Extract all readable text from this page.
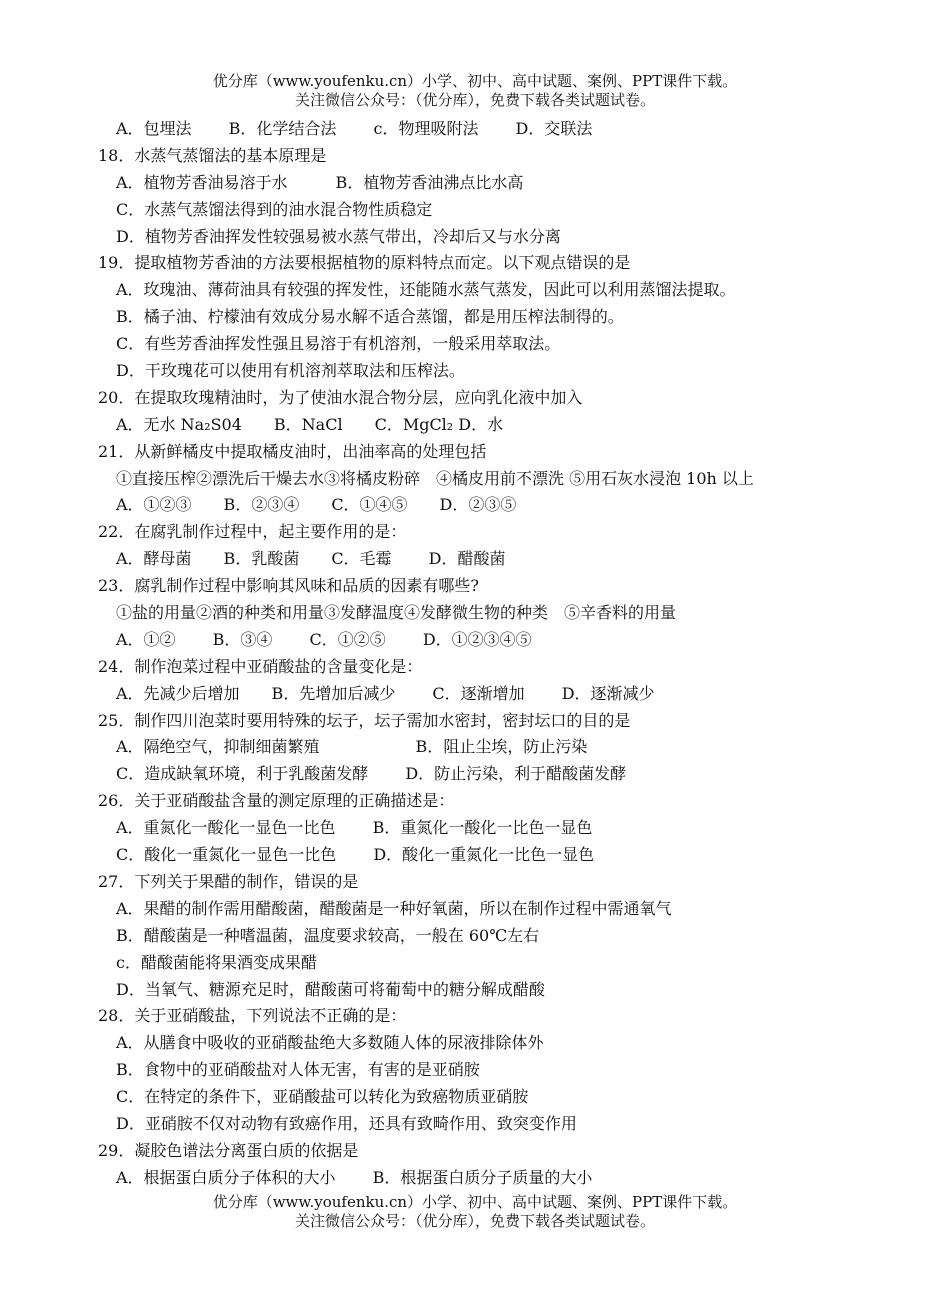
优分库（www.youfenku.cn）小学、初中、高中试题、案例、PPT课件下载。
关注微信公众号：（优分库），免费下载各类试题试卷。
A．包埋法　　 B．化学结合法　　 c．物理吸附法　　 D．交联法
18．水蒸气蒸馏法的基本原理是
A．植物芳香油易溶于水　　　B．植物芳香油沸点比水高
C．水蒸气蒸馏法得到的油水混合物性质稳定
D．植物芳香油挥发性较强易被水蒸气带出，冷却后又与水分离
19．提取植物芳香油的方法要根据植物的原料特点而定。以下观点错误的是
A．玫瑰油、薄荷油具有较强的挥发性，还能随水蒸气蒸发，因此可以利用蒸馏法提取。
B．橘子油、柠檬油有效成分易水解不适合蒸馏，都是用压榨法制得的。
C．有些芳香油挥发性强且易溶于有机溶剂，一般采用萃取法。
D．干玫瑰花可以使用有机溶剂萃取法和压榨法。
20．在提取玫瑰精油时，为了使油水混合物分层，应向乳化液中加入
A．无水 Na₂S04　　B．NaCl　　C．MgCl₂ D．水
21．从新鲜橘皮中提取橘皮油时，出油率高的处理包括
①直接压榨②漂洗后干燥去水③将橘皮粉碎　④橘皮用前不漂洗 ⑤用石灰水浸泡 10h 以上
A．①②③　　B．②③④　　C．①④⑤　　D．②③⑤
22．在腐乳制作过程中，起主要作用的是：
A．酵母菌　　B．乳酸菌　　C．毛霉　　 D．醋酸菌
23．腐乳制作过程中影响其风味和品质的因素有哪些?
①盐的用量②酒的种类和用量③发酵温度④发酵微生物的种类　⑤辛香料的用量
A．①②　　 B．③④　　 C．①②⑤　　 D．①②③④⑤
24．制作泡菜过程中亚硝酸盐的含量变化是：
A．先减少后增加　　B．先增加后减少　　 C．逐渐增加　　 D．逐渐减少
25．制作四川泡菜时要用特殊的坛子，坛子需加水密封，密封坛口的目的是
A．隔绝空气，抑制细菌繁殖　　　　　　B．阻止尘埃，防止污染
C．造成缺氧环境，利于乳酸菌发酵　　 D．防止污染，利于醋酸菌发酵
26．关于亚硝酸盐含量的测定原理的正确描述是：
A．重氮化一酸化一显色一比色　　 B．重氮化一酸化一比色一显色
C．酸化一重氮化一显色一比色　　 D．酸化一重氮化一比色一显色
27．下列关于果醋的制作，错误的是
A．果醋的制作需用醋酸菌，醋酸菌是一种好氧菌，所以在制作过程中需通氧气
B．醋酸菌是一种嗜温菌，温度要求较高，一般在 60℃左右
c．醋酸菌能将果酒变成果醋
D．当氧气、糖源充足时，醋酸菌可将葡萄中的糖分解成醋酸
28．关于亚硝酸盐，下列说法不正确的是：
A．从膳食中吸收的亚硝酸盐绝大多数随人体的尿液排除体外
B．食物中的亚硝酸盐对人体无害，有害的是亚硝胺
C．在特定的条件下，亚硝酸盐可以转化为致癌物质亚硝胺
D．亚硝胺不仅对动物有致癌作用，还具有致畸作用、致突变作用
29．凝胶色谱法分离蛋白质的依据是
A．根据蛋白质分子体积的大小　　 B．根据蛋白质分子质量的大小
优分库（www.youfenku.cn）小学、初中、高中试题、案例、PPT课件下载。
关注微信公众号：（优分库），免费下载各类试题试卷。
